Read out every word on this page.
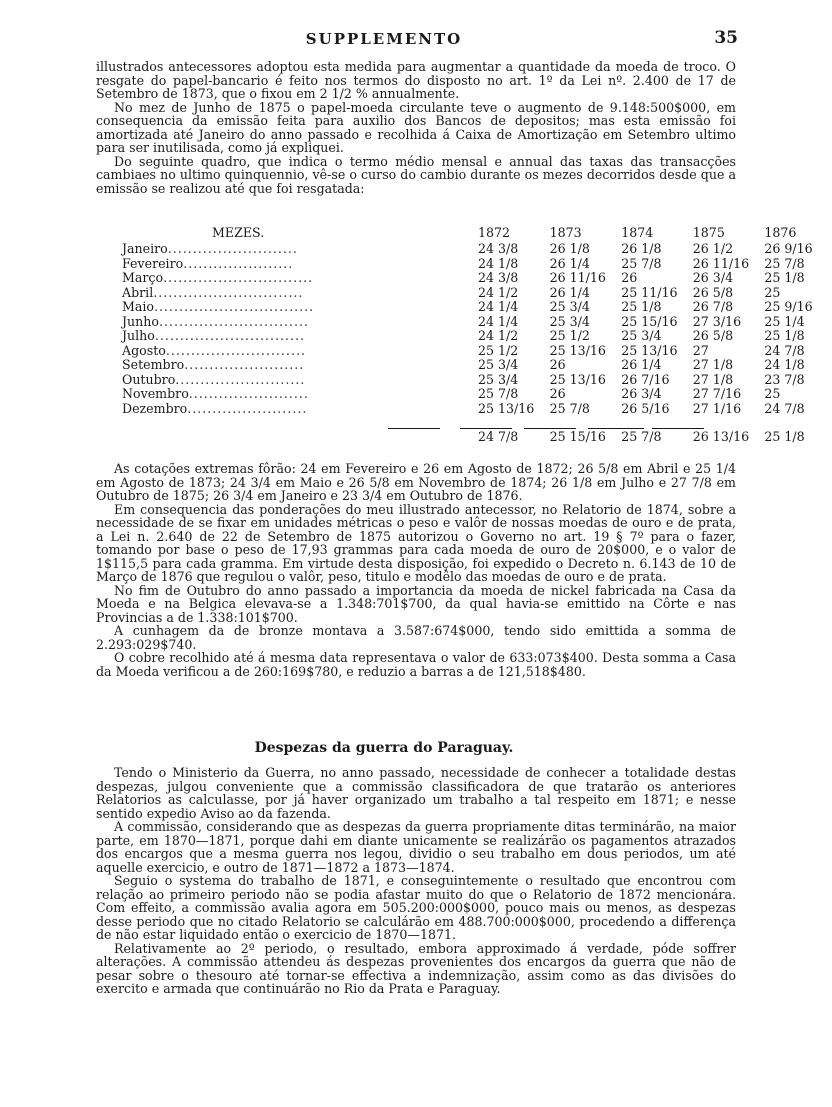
SUPPLEMENTO	35

illustrados antecessores adoptou esta medida para augmentar a quantidade da moeda de troco. O resgate do papel-bancario é feito nos termos do disposto no art. 1º da Lei nº. 2.400 de 17 de Setembro de 1873, que o fixou em 2 1/2 % annualmente.

No mez de Junho de 1875 o papel-moeda circulante teve o augmento de 9.148:500$000, em consequencia da emissão feita para auxilio dos Bancos de depositos; mas esta emissão foi amortizada até Janeiro do anno passado e recolhida á Caixa de Amortização em Setembro ultimo para ser inutilisada, como já expliquei.

Do seguinte quadro, que indica o termo médio mensal e annual das taxas das transacções cambiaes no ultimo quinquennio, vê-se o curso do cambio durante os mezes decorridos desde que a emissão se realizou até que foi resgatada:

MEZES.	1872	1873	1874	1875	1876
Janeiro..........................	24 3/8	26 1/8	26 1/8	26 1/2	26 9/16
Fevereiro......................	24 1/8	26 1/4	25 7/8	26 11/16	25 7/8
Março..............................	24 3/8	26 11/16	26	26 3/4	25 1/8
Abril..............................	24 1/2	26 1/4	25 11/16	26 5/8	25
Maio................................	24 1/4	25 3/4	25 1/8	26 7/8	25 9/16
Junho..............................	24 1/4	25 3/4	25 15/16	27 3/16	25 1/4
Julho..............................	24 1/2	25 1/2	25 3/4	26 5/8	25 1/8
Agosto............................	25 1/2	25 13/16	25 13/16	27	24 7/8
Setembro........................	25 3/4	26	26 1/4	27 1/8	24 1/8
Outubro..........................	25 3/4	25 13/16	26 7/16	27 1/8	23 7/8
Novembro........................	25 7/8	26	26 3/4	27 7/16	25
Dezembro........................	25 13/16	25 7/8	26 5/16	27 1/16	24 7/8
	24 7/8	25 15/16	25 7/8	26 13/16	25 1/8

As cotações extremas fôrão: 24 em Fevereiro e 26 em Agosto de 1872; 26 5/8 em Abril e 25 1/4 em Agosto de 1873; 24 3/4 em Maio e 26 5/8 em Novembro de 1874; 26 1/8 em Julho e 27 7/8 em Outubro de 1875; 26 3/4 em Janeiro e 23 3/4 em Outubro de 1876.

Em consequencia das ponderações do meu illustrado antecessor, no Relatorio de 1874, sobre a necessidade de se fixar em unidades métricas o peso e valôr de nossas moedas de ouro e de prata, a Lei n. 2.640 de 22 de Setembro de 1875 autorizou o Governo no art. 19 § 7º para o fazer, tomando por base o peso de 17,93 grammas para cada moeda de ouro de 20$000, e o valor de 1$115,5 para cada gramma. Em virtude desta disposição, foi expedido o Decreto n. 6.143 de 10 de Março de 1876 que regulou o valôr, peso, titulo e modêlo das moedas de ouro e de prata.

No fim de Outubro do anno passado a importancia da moeda de nickel fabricada na Casa da Moeda e na Belgica elevava-se a 1.348:701$700, da qual havia-se emittido na Côrte e nas Provincias a de 1.338:101$700.

A cunhagem da de bronze montava a 3.587:674$000, tendo sido emittida a somma de 2.293:029$740.

O cobre recolhido até á mesma data representava o valor de 633:073$400. Desta somma a Casa da Moeda verificou a de 260:169$780, e reduzio a barras a de 121,518$480.

Despezas da guerra do Paraguay.

Tendo o Ministerio da Guerra, no anno passado, necessidade de conhecer a totalidade destas despezas, julgou conveniente que a commissão classificadora de que tratarão os anteriores Relatorios as calculasse, por já haver organizado um trabalho a tal respeito em 1871; e nesse sentido expedio Aviso ao da fazenda.

A commissão, considerando que as despezas da guerra propriamente ditas terminárão, na maior parte, em 1870—1871, porque dahi em diante unicamente se realizárão os pagamentos atrazados dos encargos que a mesma guerra nos legou, dividio o seu trabalho em dous periodos, um até aquelle exercicio, e outro de 1871—1872 a 1873—1874.

Seguio o systema do trabalho de 1871, e conseguintemente o resultado que encontrou com relação ao primeiro periodo não se podia afastar muito do que o Relatorio de 1872 mencionára. Com effeito, a commissão avalia agora em 505.200:000$000, pouco mais ou menos, as despezas desse periodo que no citado Relatorio se calculárão em 488.700:000$000, procedendo a differença de não estar liquidado então o exercicio de 1870—1871.

Relativamente ao 2º periodo, o resultado, embora approximado á verdade, póde soffrer alterações. A commissão attendeu ás despezas provenientes dos encargos da guerra que não de pesar sobre o thesouro até tornar-se effectiva a indemnização, assim como as das divisões do exercito e armada que continuárão no Rio da Prata e Paraguay.
